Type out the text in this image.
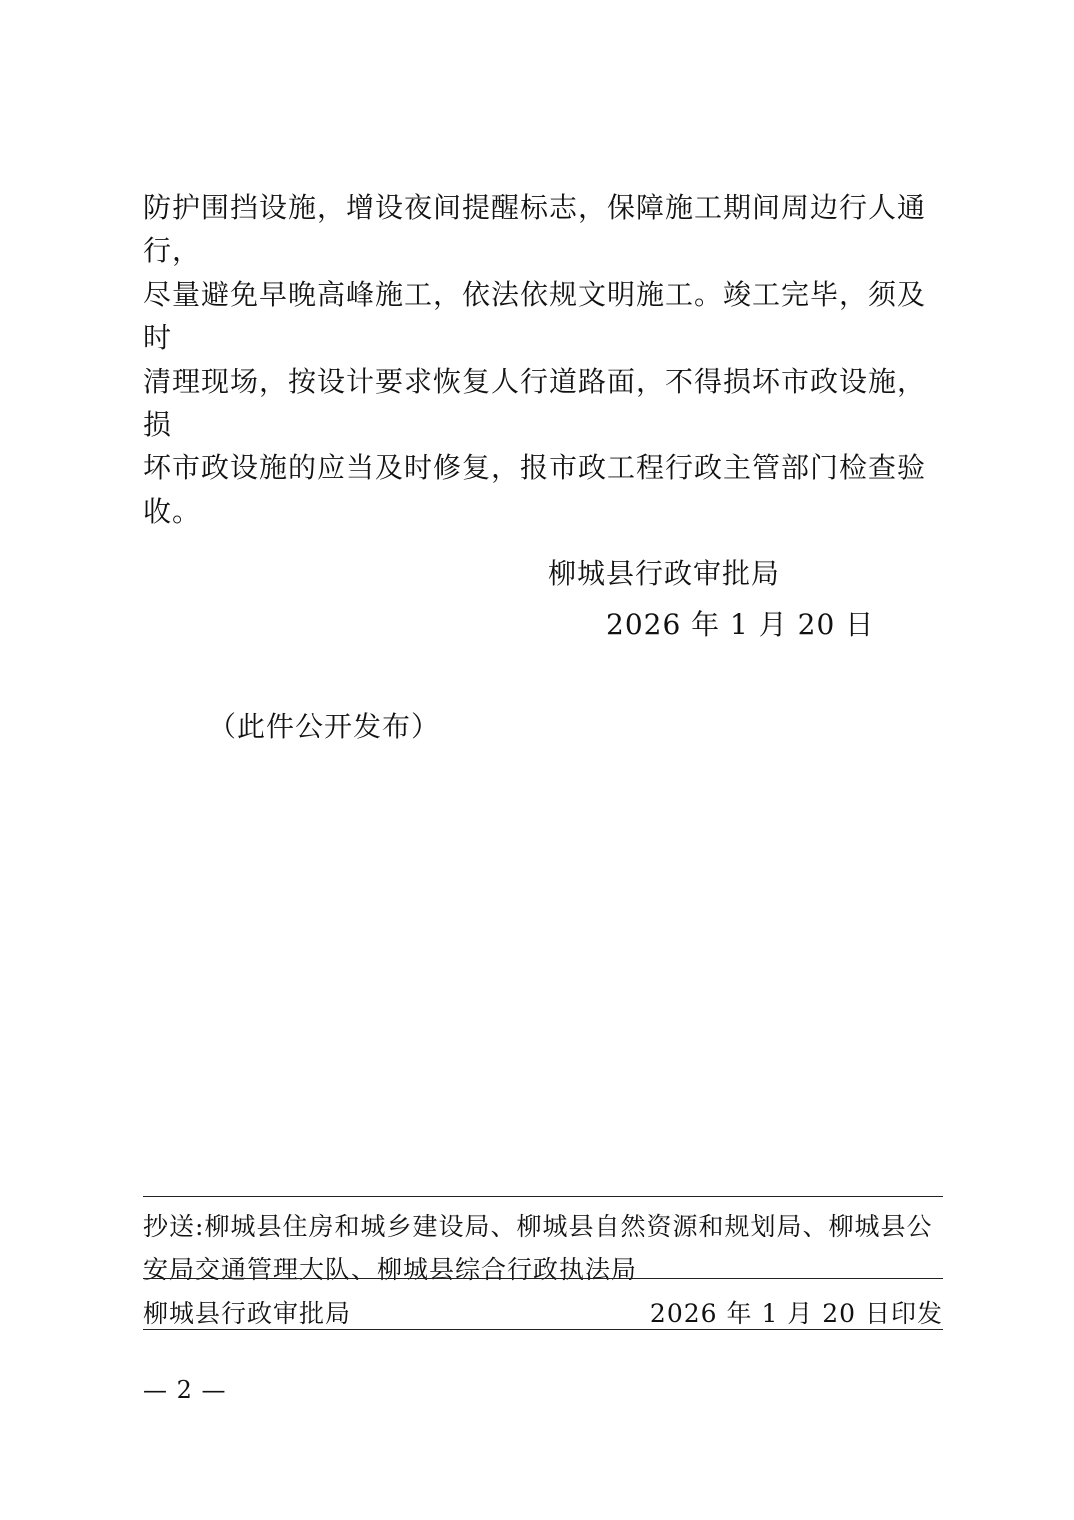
防护围挡设施，增设夜间提醒标志，保障施工期间周边行人通行，
尽量避免早晚高峰施工，依法依规文明施工。竣工完毕，须及时
清理现场，按设计要求恢复人行道路面，不得损坏市政设施，损
坏市政设施的应当及时修复，报市政工程行政主管部门检查验
收。

柳城县行政审批局

2026 年 1 月 20 日

（此件公开发布）

抄送:柳城县住房和城乡建设局、柳城县自然资源和规划局、柳城县公安局交通管理大队、柳城县综合行政执法局

柳城县行政审批局	2026 年 1 月 20 日印发
— 2 —
